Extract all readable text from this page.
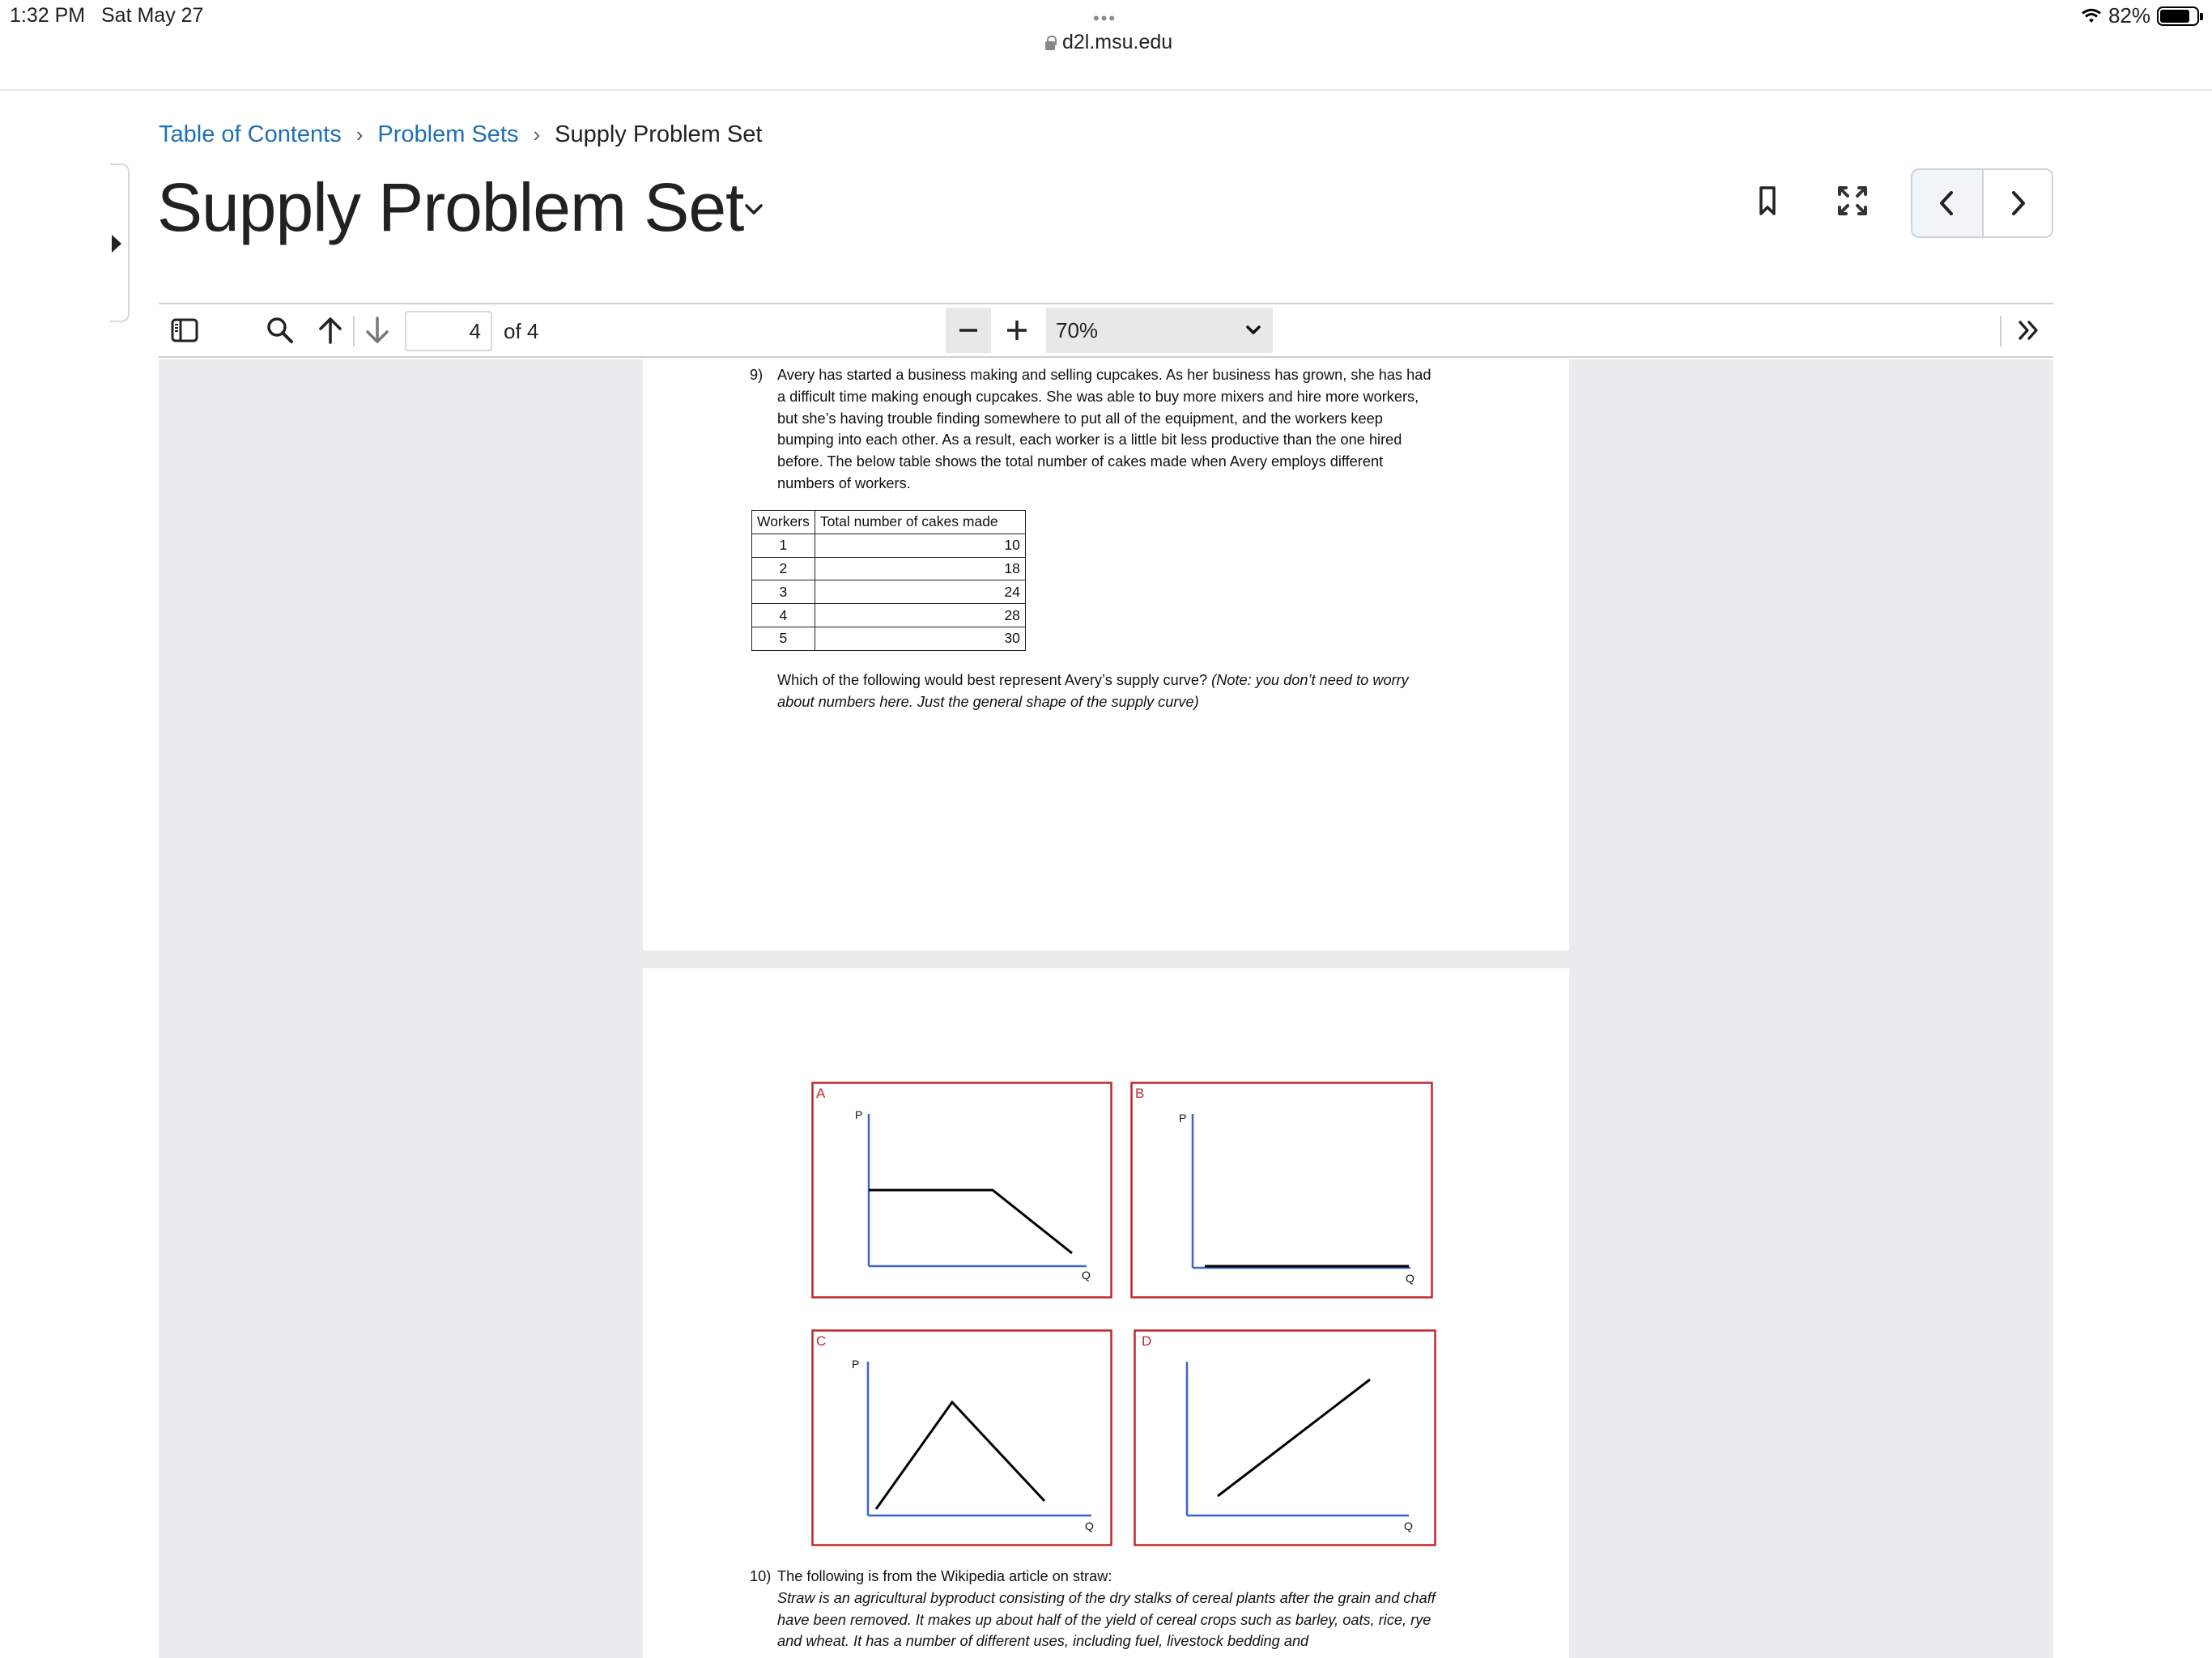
1:32 PM Sat May 27	82%
•••
d2l.msu.edu
Table of Contents › Problem Sets › Supply Problem Set
Supply Problem Set
4	of 4	70%
9) Avery has started a business making and selling cupcakes. As her business has grown, she has had a difficult time making enough cupcakes. She was able to buy more mixers and hire more workers, but she’s having trouble finding somewhere to put all of the equipment, and the workers keep bumping into each other. As a result, each worker is a little bit less productive than the one hired before. The below table shows the total number of cakes made when Avery employs different numbers of workers.
Workers	Total number of cakes made
1	10
2	18
3	24
4	28
5	30
Which of the following would best represent Avery’s supply curve? (Note: you don’t need to worry about numbers here. Just the general shape of the supply curve)
A
P
Q
B
P
Q
C
P
Q
D
Q
10) The following is from the Wikipedia article on straw:
Straw is an agricultural byproduct consisting of the dry stalks of cereal plants after the grain and chaff have been removed. It makes up about half of the yield of cereal crops such as barley, oats, rice, rye and wheat. It has a number of different uses, including fuel, livestock bedding and
